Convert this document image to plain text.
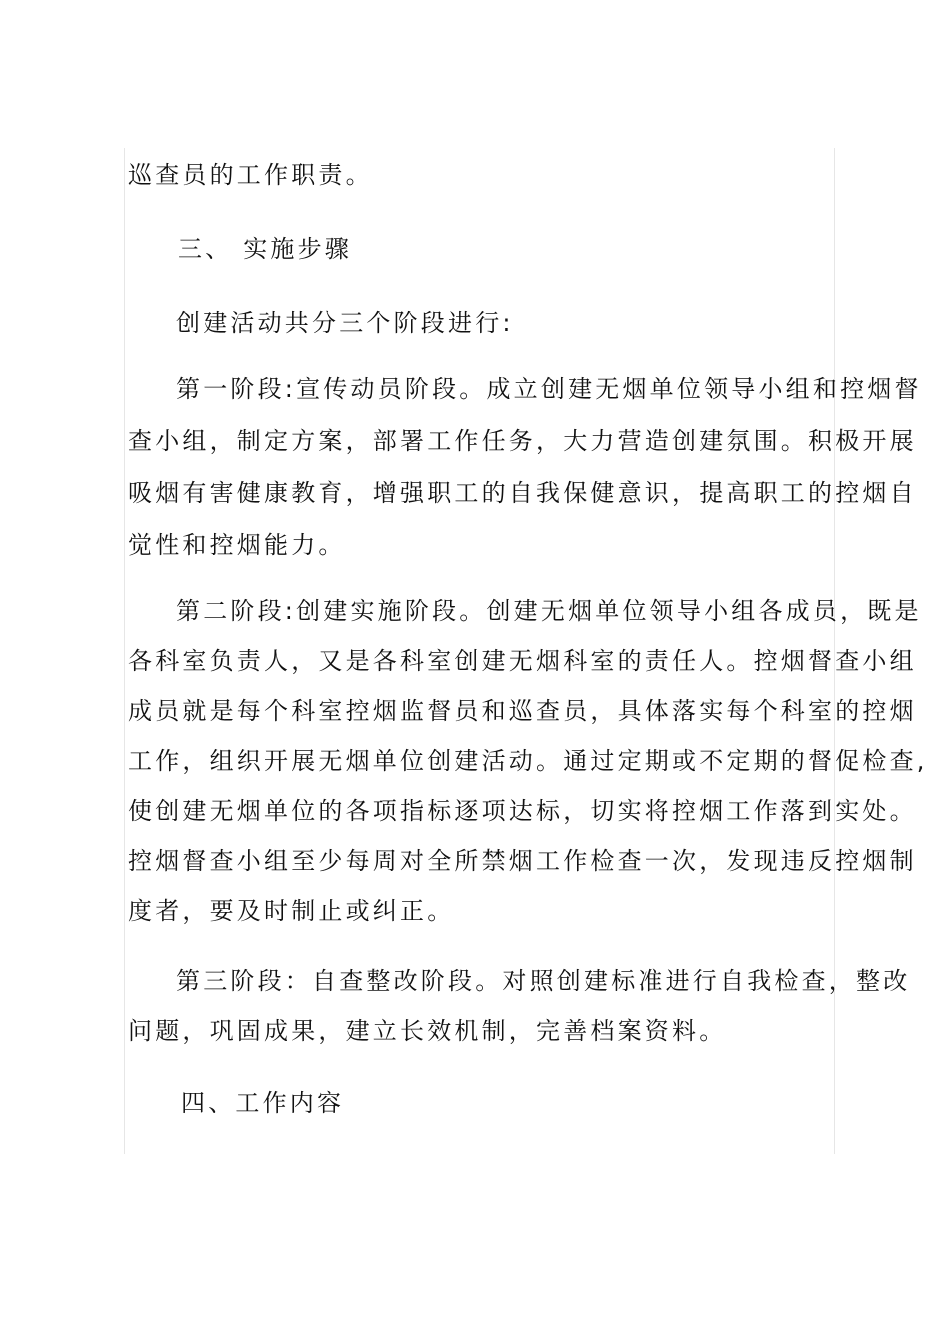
巡查员的工作职责。
三、 实施步骤
创建活动共分三个阶段进行:
第一阶段:宣传动员阶段。成立创建无烟单位领导小组和控烟督
查小组，制定方案，部署工作任务，大力营造创建氛围。积极开展
吸烟有害健康教育，增强职工的自我保健意识，提高职工的控烟自
觉性和控烟能力。
第二阶段:创建实施阶段。创建无烟单位领导小组各成员，既是
各科室负责人，又是各科室创建无烟科室的责任人。控烟督查小组
成员就是每个科室控烟监督员和巡查员，具体落实每个科室的控烟
工作，组织开展无烟单位创建活动。通过定期或不定期的督促检查,
使创建无烟单位的各项指标逐项达标，切实将控烟工作落到实处。
控烟督查小组至少每周对全所禁烟工作检查一次，发现违反控烟制
度者，要及时制止或纠正。
第三阶段：自查整改阶段。对照创建标准进行自我检查，整改
问题，巩固成果，建立长效机制，完善档案资料。
四、工作内容
